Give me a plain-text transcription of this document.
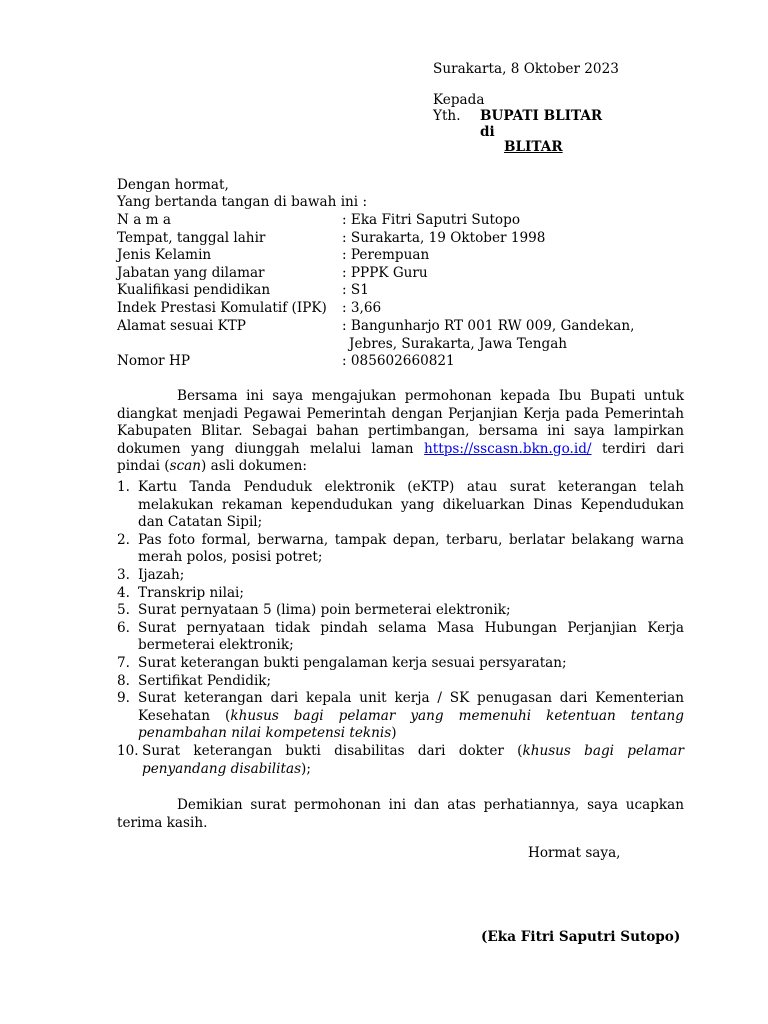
Surakarta, 8 Oktober 2023
Kepada
Yth. BUPATI BLITAR
di
BLITAR
Dengan hormat,
Yang bertanda tangan di bawah ini :
N a m a	: Eka Fitri Saputri Sutopo
Tempat, tanggal lahir	: Surakarta, 19 Oktober 1998
Jenis Kelamin	: Perempuan
Jabatan yang dilamar	: PPPK Guru
Kualifikasi pendidikan	: S1
Indek Prestasi Komulatif (IPK) : 3,66
Alamat sesuai KTP	: Bangunharjo RT 001 RW 009, Gandekan,
Jebres, Surakarta, Jawa Tengah
Nomor HP	: 085602660821
Bersama ini saya mengajukan permohonan kepada Ibu Bupati untuk diangkat menjadi Pegawai Pemerintah dengan Perjanjian Kerja pada Pemerintah Kabupaten Blitar. Sebagai bahan pertimbangan, bersama ini saya lampirkan dokumen yang diunggah melalui laman https://sscasn.bkn.go.id/ terdiri dari pindai (scan) asli dokumen:
1. Kartu Tanda Penduduk elektronik (eKTP) atau surat keterangan telah melakukan rekaman kependudukan yang dikeluarkan Dinas Kependudukan dan Catatan Sipil;
2. Pas foto formal, berwarna, tampak depan, terbaru, berlatar belakang warna merah polos, posisi potret;
3. Ijazah;
4. Transkrip nilai;
5. Surat pernyataan 5 (lima) poin bermeterai elektronik;
6. Surat pernyataan tidak pindah selama Masa Hubungan Perjanjian Kerja bermeterai elektronik;
7. Surat keterangan bukti pengalaman kerja sesuai persyaratan;
8. Sertifikat Pendidik;
9. Surat keterangan dari kepala unit kerja / SK penugasan dari Kementerian Kesehatan (khusus bagi pelamar yang memenuhi ketentuan tentang penambahan nilai kompetensi teknis)
10. Surat keterangan bukti disabilitas dari dokter (khusus bagi pelamar penyandang disabilitas);
Demikian surat permohonan ini dan atas perhatiannya, saya ucapkan terima kasih.
Hormat saya,
(Eka Fitri Saputri Sutopo)
